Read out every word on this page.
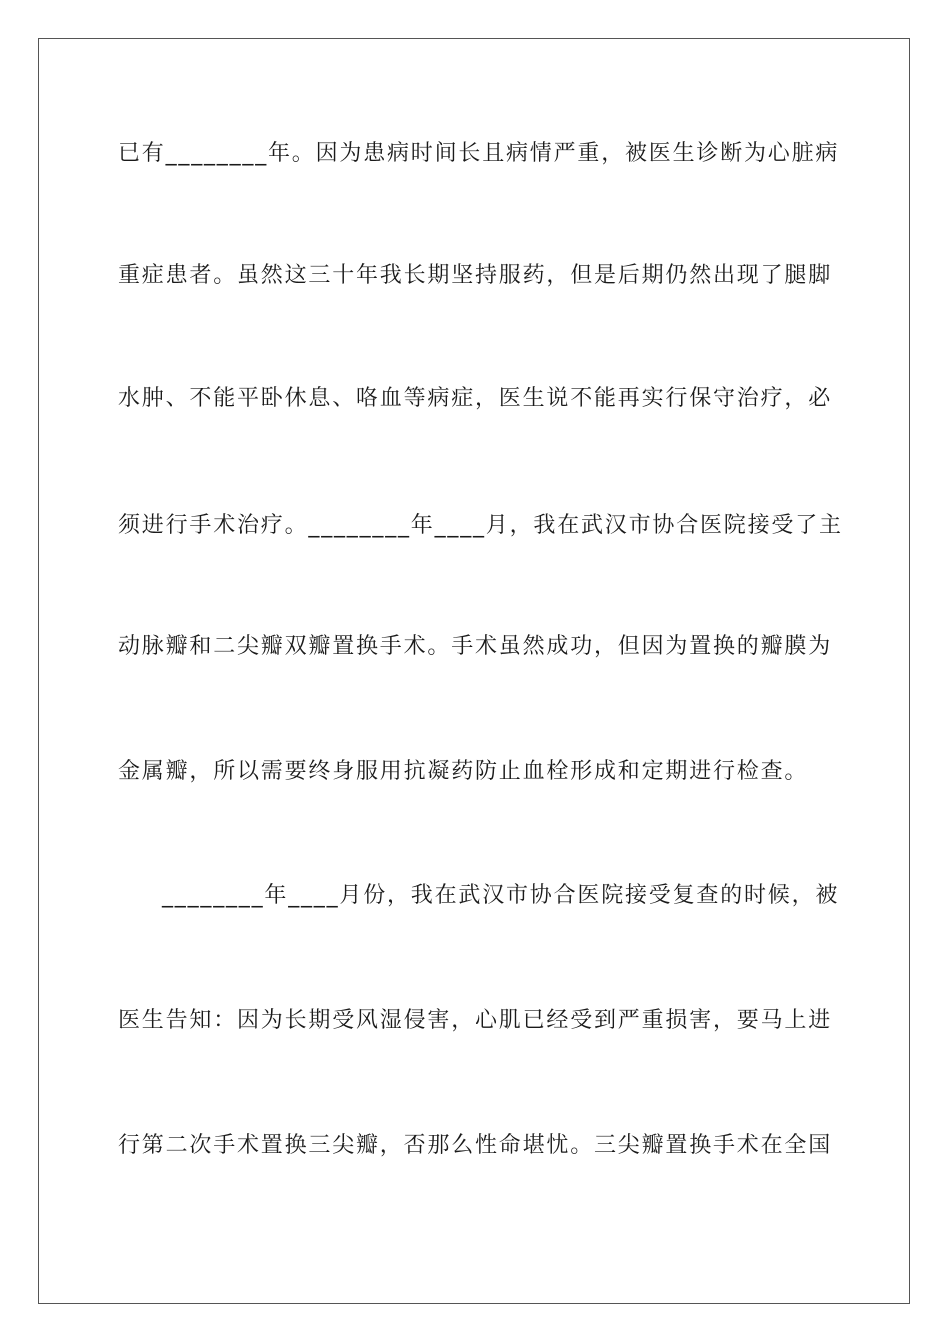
已有________年。因为患病时间长且病情严重，被医生诊断为心脏病
重症患者。虽然这三十年我长期坚持服药，但是后期仍然出现了腿脚
水肿、不能平卧休息、咯血等病症，医生说不能再实行保守治疗，必
须进行手术治疗。________年____月，我在武汉市协合医院接受了主
动脉瓣和二尖瓣双瓣置换手术。手术虽然成功，但因为置换的瓣膜为
金属瓣，所以需要终身服用抗凝药防止血栓形成和定期进行检查。
________年____月份，我在武汉市协合医院接受复查的时候，被
医生告知：因为长期受风湿侵害，心肌已经受到严重损害，要马上进
行第二次手术置换三尖瓣，否那么性命堪忧。三尖瓣置换手术在全国
